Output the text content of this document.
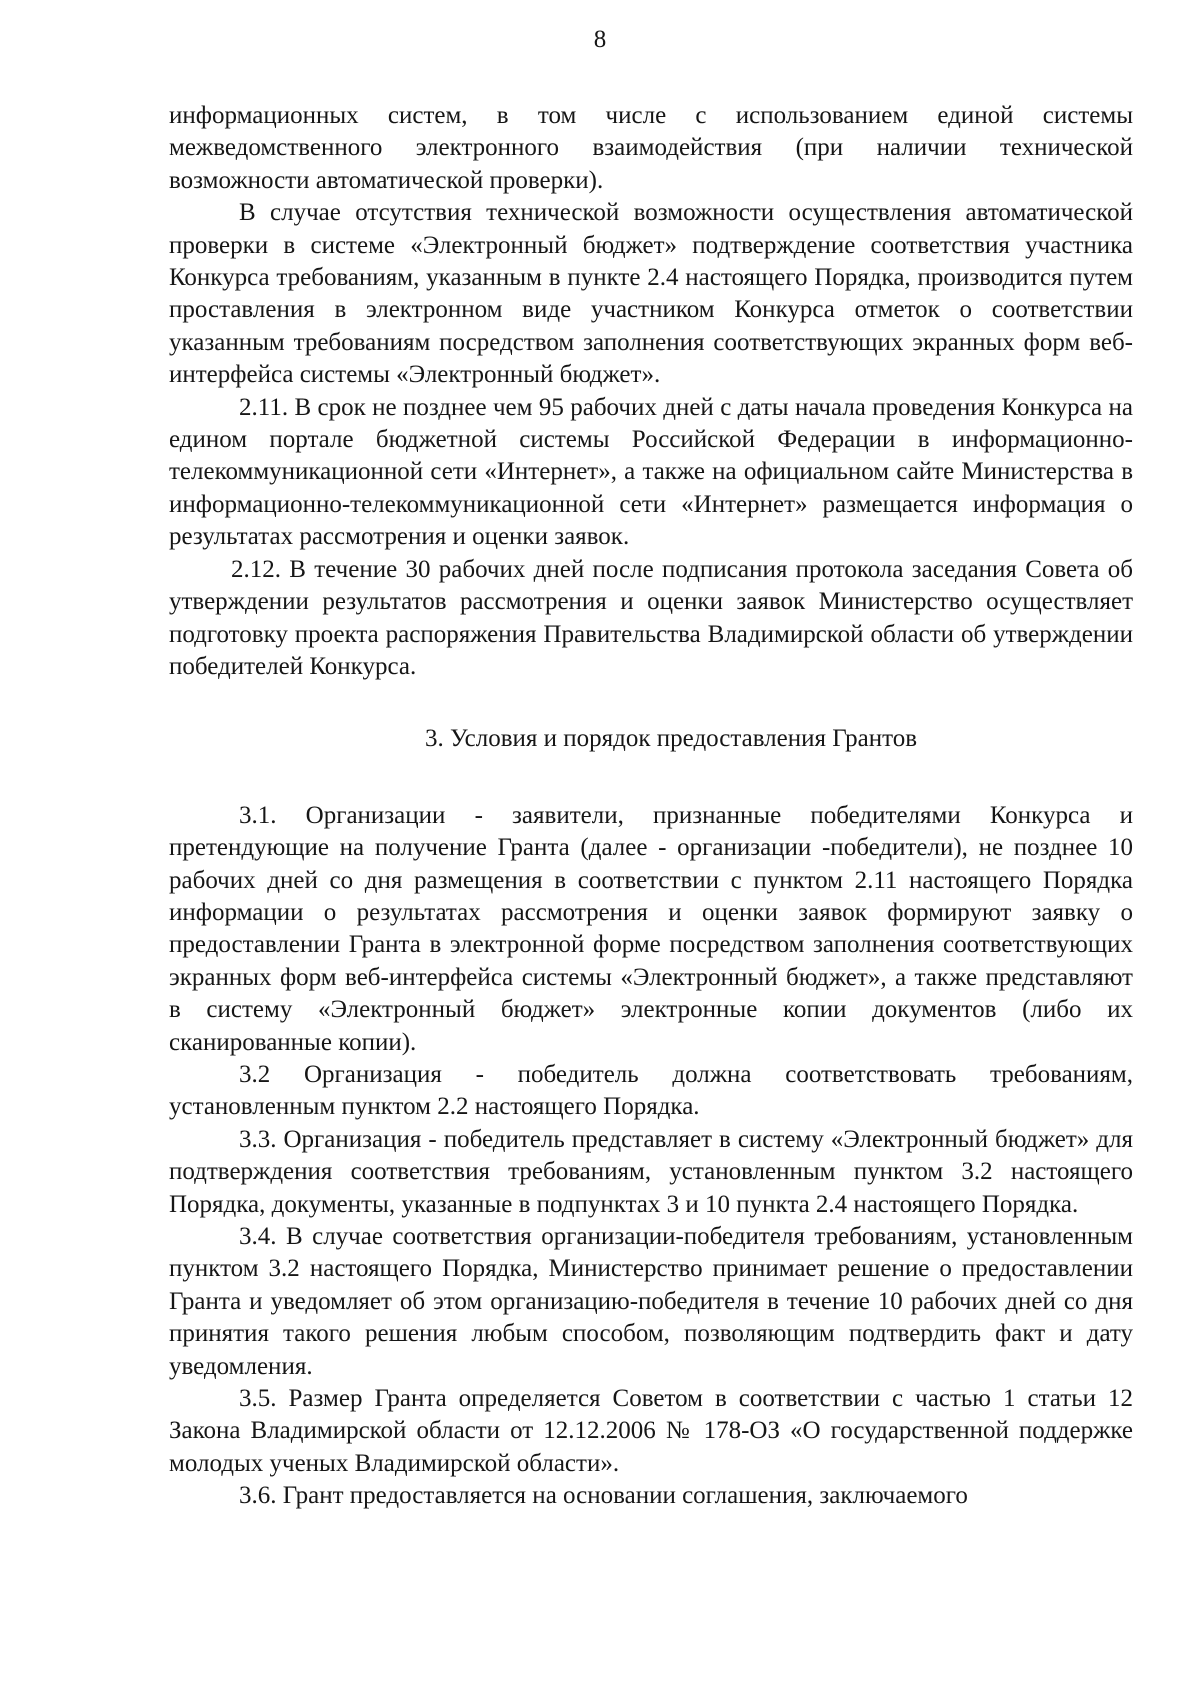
8

информационных систем, в том числе с использованием единой системы межведомственного электронного взаимодействия (при наличии технической возможности автоматической проверки).

В случае отсутствия технической возможности осуществления автоматической проверки в системе «Электронный бюджет» подтверждение соответствия участника Конкурса требованиям, указанным в пункте 2.4 настоящего Порядка, производится путем проставления в электронном виде участником Конкурса отметок о соответствии указанным требованиям посредством заполнения соответствующих экранных форм веб-интерфейса системы «Электронный бюджет».

2.11. В срок не позднее чем 95 рабочих дней с даты начала проведения Конкурса на едином портале бюджетной системы Российской Федерации в информационно-телекоммуникационной сети «Интернет», а также на официальном сайте Министерства в информационно-телекоммуникационной сети «Интернет» размещается информация о результатах рассмотрения и оценки заявок.

2.12. В течение 30 рабочих дней после подписания протокола заседания Совета об утверждении результатов рассмотрения и оценки заявок Министерство осуществляет подготовку проекта распоряжения Правительства Владимирской области об утверждении победителей Конкурса.

3. Условия и порядок предоставления Грантов

3.1. Организации - заявители, признанные победителями Конкурса и претендующие на получение Гранта (далее - организации -победители), не позднее 10 рабочих дней со дня размещения в соответствии с пунктом 2.11 настоящего Порядка информации о результатах рассмотрения и оценки заявок формируют заявку о предоставлении Гранта в электронной форме посредством заполнения соответствующих экранных форм веб-интерфейса системы «Электронный бюджет», а также представляют в систему «Электронный бюджет» электронные копии документов (либо их сканированные копии).

3.2 Организация - победитель должна соответствовать требованиям, установленным пунктом 2.2 настоящего Порядка.

3.3. Организация - победитель представляет в систему «Электронный бюджет» для подтверждения соответствия требованиям, установленным пунктом 3.2 настоящего Порядка, документы, указанные в подпунктах 3 и 10 пункта 2.4 настоящего Порядка.

3.4. В случае соответствия организации-победителя требованиям, установленным пунктом 3.2 настоящего Порядка, Министерство принимает решение о предоставлении Гранта и уведомляет об этом организацию-победителя в течение 10 рабочих дней со дня принятия такого решения любым способом, позволяющим подтвердить факт и дату уведомления.

3.5. Размер Гранта определяется Советом в соответствии с частью 1 статьи 12 Закона Владимирской области от 12.12.2006 № 178-ОЗ «О государственной поддержке молодых ученых Владимирской области».

3.6. Грант предоставляется на основании соглашения, заключаемого
